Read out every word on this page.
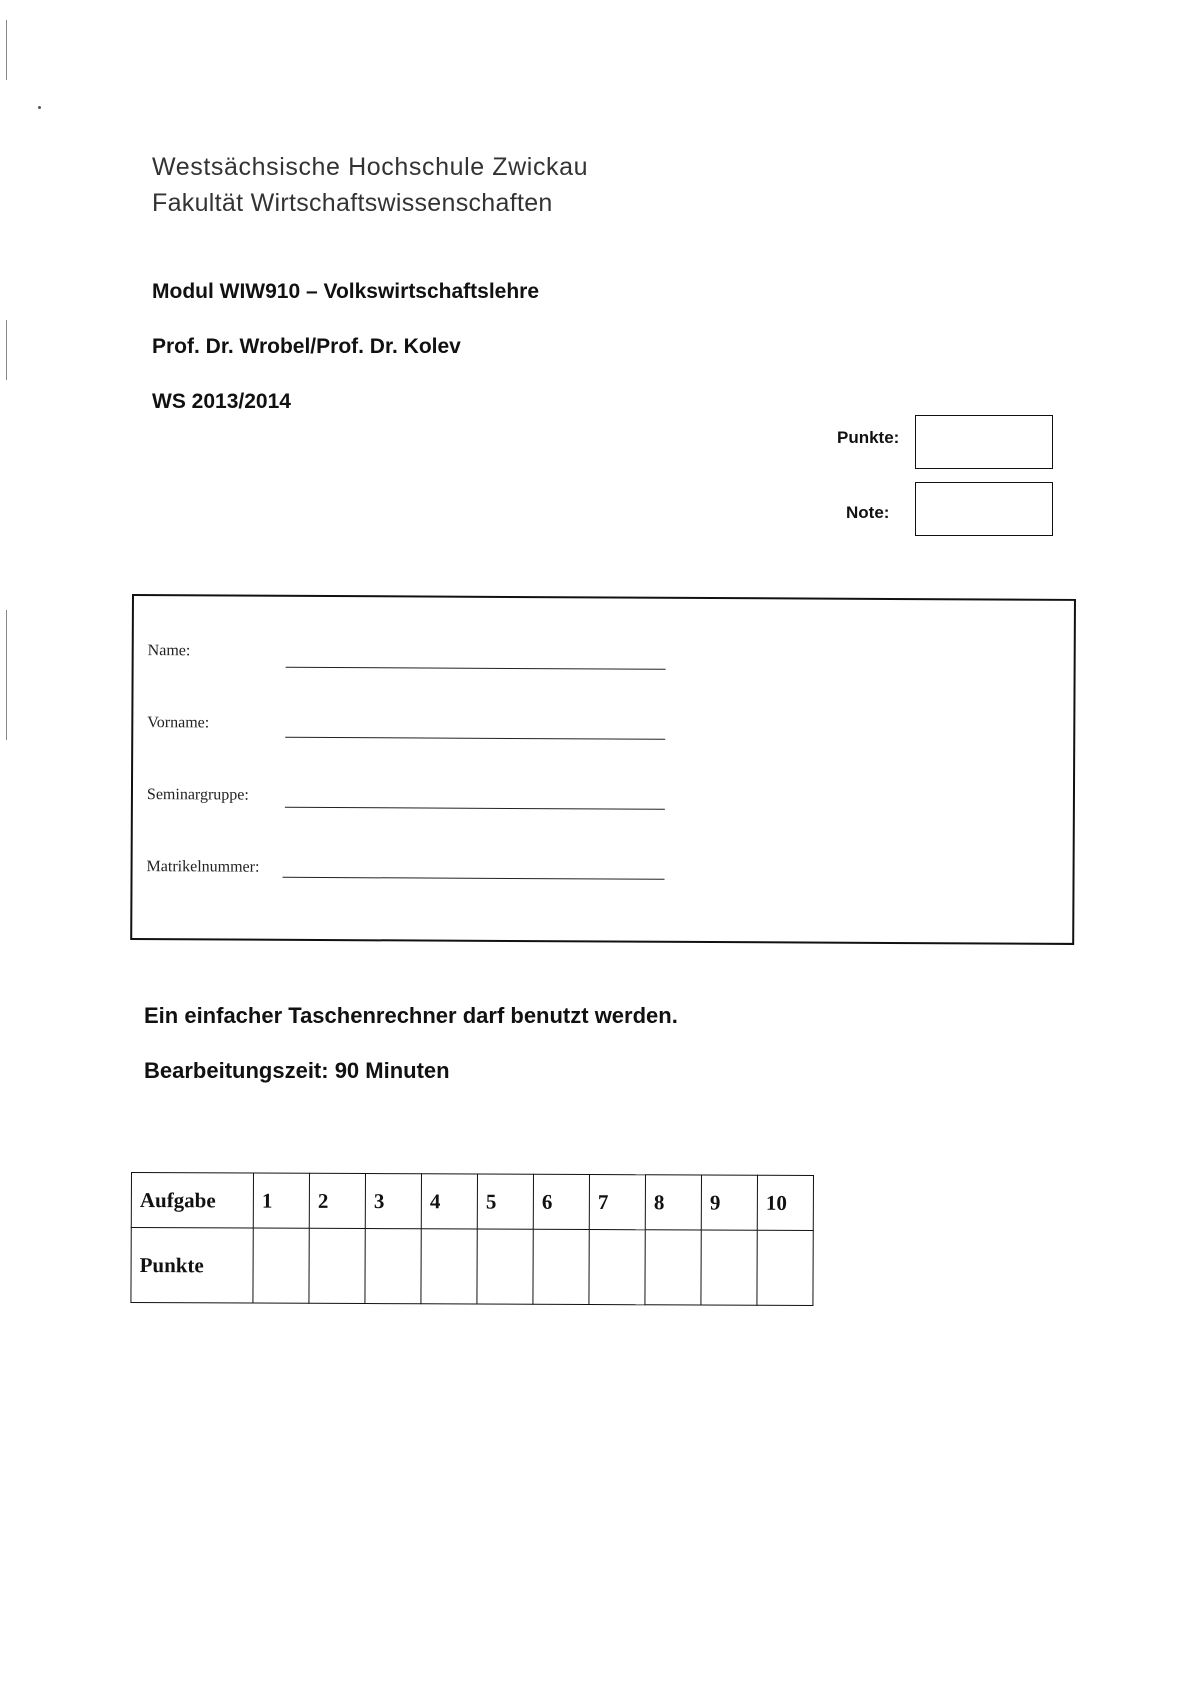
Westsächsische Hochschule Zwickau
Fakultät Wirtschaftswissenschaften
Modul WIW910 – Volkswirtschaftslehre
Prof. Dr. Wrobel/Prof. Dr. Kolev
WS 2013/2014
Punkte:
Note:
Name:
Vorname:
Seminargruppe:
Matrikelnummer:
Ein einfacher Taschenrechner darf benutzt werden.
Bearbeitungszeit: 90 Minuten
Aufgabe	1	2	3	4	5	6	7	8	9	10
Punkte										
